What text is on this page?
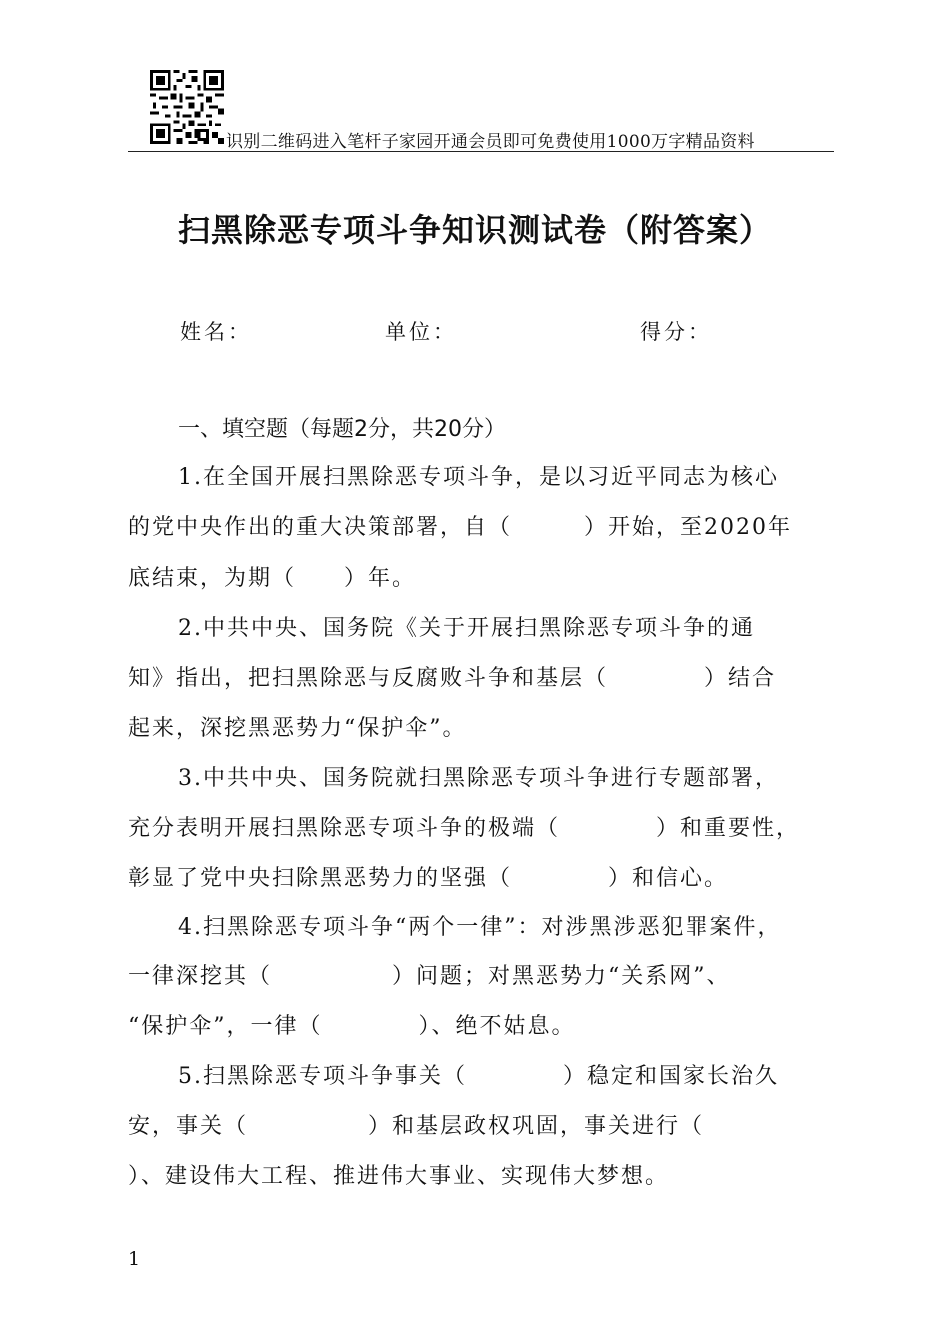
识别二维码进入笔杆子家园开通会员即可免费使用1000万字精品资料
扫黑除恶专项斗争知识测试卷（附答案）
姓名：	单位：	得分：
一、填空题（每题2分，共20分）
1.在全国开展扫黑除恶专项斗争，是以习近平同志为核心
的党中央作出的重大决策部署，自（　　　）开始，至2020年
底结束，为期（　　）年。
2.中共中央、国务院《关于开展扫黑除恶专项斗争的通
知》指出，把扫黑除恶与反腐败斗争和基层（　　　　）结合
起来，深挖黑恶势力“保护伞”。
3.中共中央、国务院就扫黑除恶专项斗争进行专题部署，
充分表明开展扫黑除恶专项斗争的极端（　　　　）和重要性，
彰显了党中央扫除黑恶势力的坚强（　　　　）和信心。
4.扫黑除恶专项斗争“两个一律”：对涉黑涉恶犯罪案件，
一律深挖其（　　　　　）问题；对黑恶势力“关系网”、
“保护伞”，一律（　　　　）、绝不姑息。
5.扫黑除恶专项斗争事关（　　　　）稳定和国家长治久
安，事关（　　　　　）和基层政权巩固，事关进行（
）、建设伟大工程、推进伟大事业、实现伟大梦想。
1
